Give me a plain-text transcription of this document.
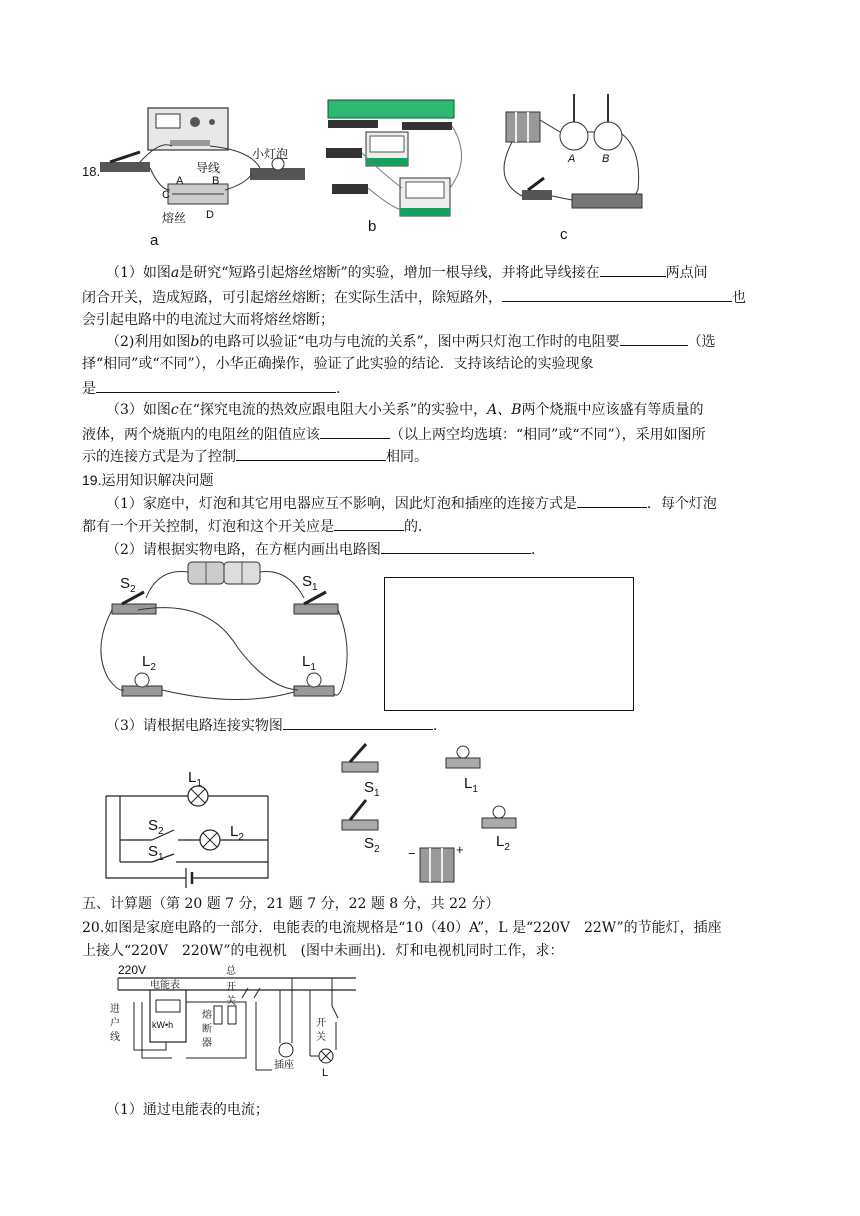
18.	导线
小灯泡
A	B
C
D
熔丝
a
b
A B
c
（1）如图a是研究“短路引起熔丝熔断”的实验，增加一根导线，并将此导线接在	两点间
闭合开关，造成短路，可引起熔丝熔断；在实际生活中，除短路外，	也
会引起电路中的电流过大而将熔丝熔断；
（2)利用如图b的电路可以验证“电功与电流的关系”，图中两只灯泡工作时的电阻要	（选
择“相同”或“不同”），小华正确操作，验证了此实验的结论．支持该结论的实验现象
是	.
（3）如图c在“探究电流的热效应跟电阻大小关系”的实验中，A、B两个烧瓶中应该盛有等质量的
液体，两个烧瓶内的电阻丝的阻值应该	（以上两空均选填：“相同”或“不同”），采用如图所
示的连接方式是为了控制	相同。
19.运用知识解决问题
（1）家庭中，灯泡和其它用电器应互不影响，因此灯泡和插座的连接方式是	．每个灯泡
都有一个开关控制，灯泡和这个开关应是	的．
（2）请根据实物电路，在方框内画出电路图	.
$S_2$	$S_1$
$L_2$	$L_1$
（3）请根据电路连接实物图	.
$L_1$
$S_2$	$L_2$
$S_1$
$S_1$
$L_1$
$S_2$	$L_2$
−	+
五、计算题（第 20 题 7 分，21 题 7 分，22 题 8 分，共 22 分）
20.如图是家庭电路的一部分．电能表的电流规格是“10（40）A”，L 是“220V　22W”的节能灯，插座
上接人“220V　220W”的电视机　(图中未画出)．灯和电视机同时工作，求：
220V
电能表
kW•h
进
户
线
熔
断
器
总
开
关
插座
开
关
L
（1）通过电能表的电流；
